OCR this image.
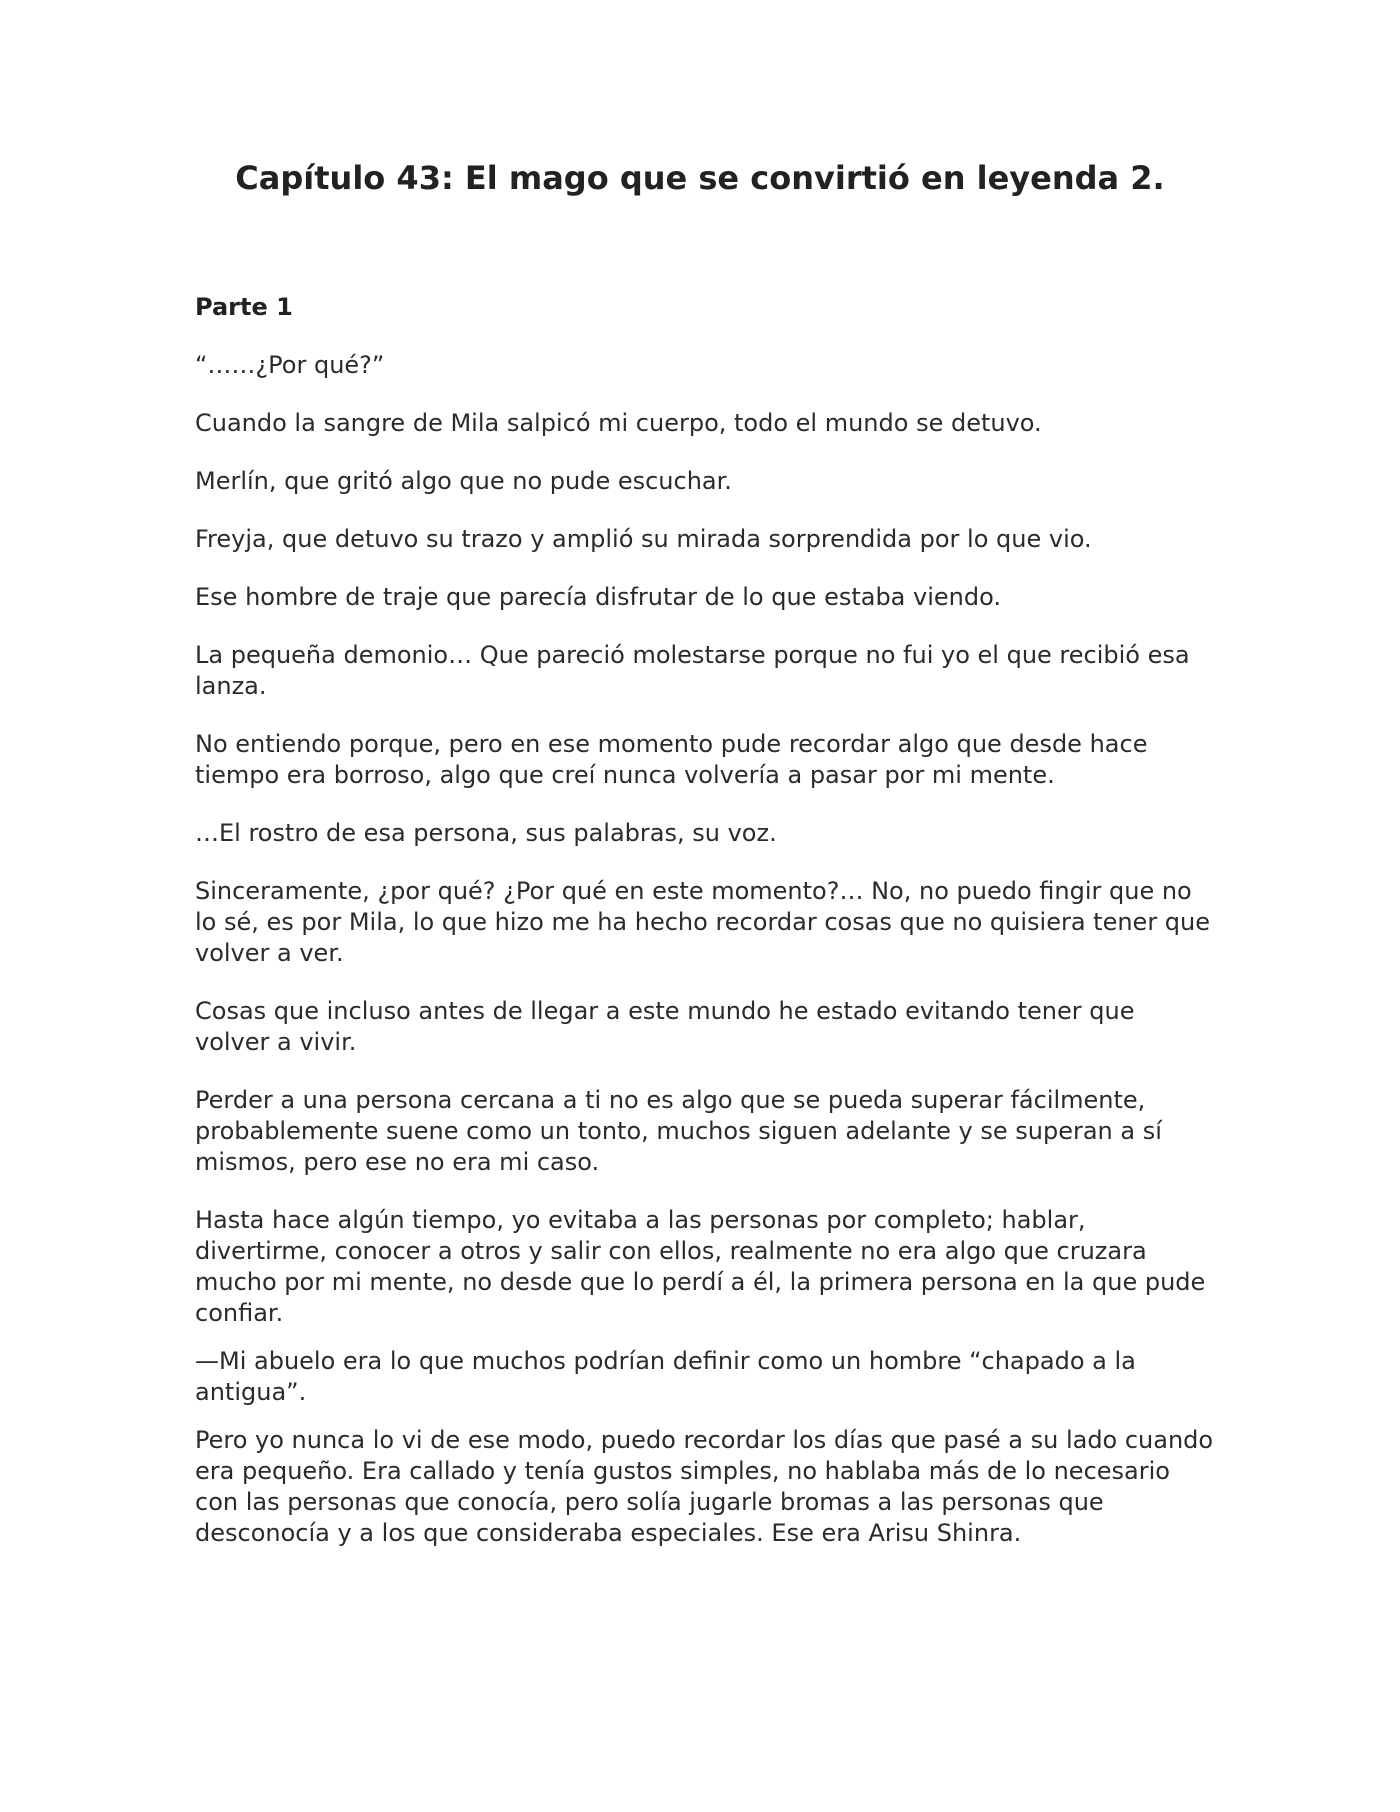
Capítulo 43: El mago que se convirtió en leyenda 2.
Parte 1

“……¿Por qué?”

Cuando la sangre de Mila salpicó mi cuerpo, todo el mundo se detuvo.

Merlín, que gritó algo que no pude escuchar.

Freyja, que detuvo su trazo y amplió su mirada sorprendida por lo que vio.

Ese hombre de traje que parecía disfrutar de lo que estaba viendo.

La pequeña demonio… Que pareció molestarse porque no fui yo el que recibió esa lanza.

No entiendo porque, pero en ese momento pude recordar algo que desde hace tiempo era borroso, algo que creí nunca volvería a pasar por mi mente.

…El rostro de esa persona, sus palabras, su voz.

Sinceramente, ¿por qué? ¿Por qué en este momento?… No, no puedo fingir que no lo sé, es por Mila, lo que hizo me ha hecho recordar cosas que no quisiera tener que volver a ver.

Cosas que incluso antes de llegar a este mundo he estado evitando tener que volver a vivir.

Perder a una persona cercana a ti no es algo que se pueda superar fácilmente, probablemente suene como un tonto, muchos siguen adelante y se superan a sí mismos, pero ese no era mi caso.

Hasta hace algún tiempo, yo evitaba a las personas por completo; hablar, divertirme, conocer a otros y salir con ellos, realmente no era algo que cruzara mucho por mi mente, no desde que lo perdí a él, la primera persona en la que pude confiar.

—Mi abuelo era lo que muchos podrían definir como un hombre “chapado a la antigua”.

Pero yo nunca lo vi de ese modo, puedo recordar los días que pasé a su lado cuando era pequeño. Era callado y tenía gustos simples, no hablaba más de lo necesario con las personas que conocía, pero solía jugarle bromas a las personas que desconocía y a los que consideraba especiales. Ese era Arisu Shinra.
